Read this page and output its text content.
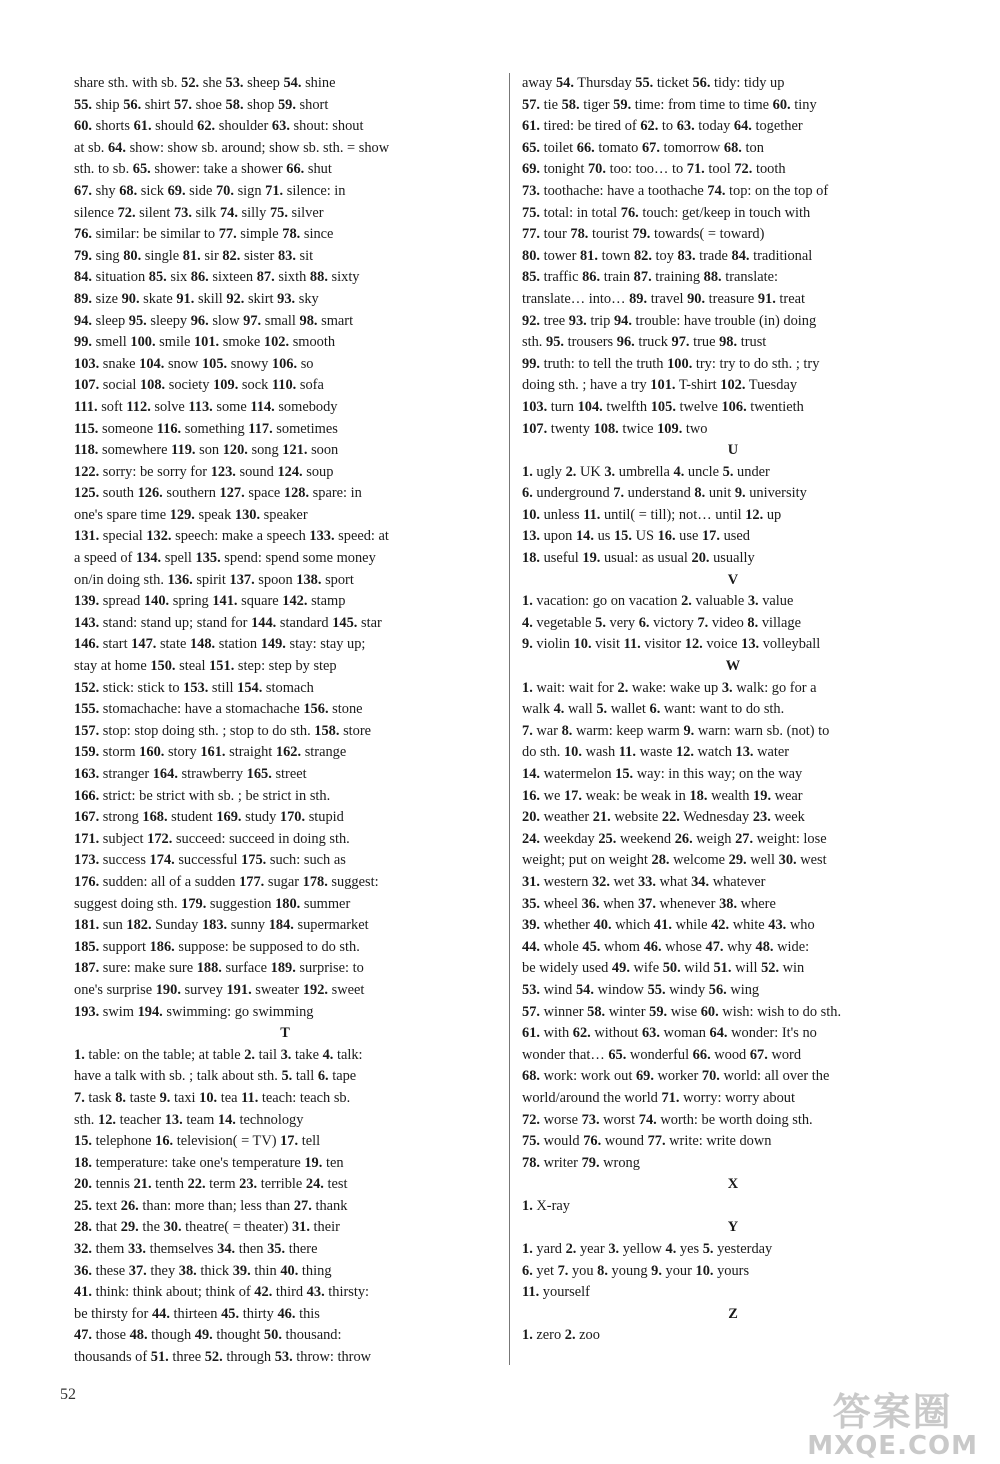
share sth. with sb. 52. she 53. sheep 54. shine
55. ship 56. shirt 57. shoe 58. shop 59. short
60. shorts 61. should 62. shoulder 63. shout: shout
at sb. 64. show: show sb. around; show sb. sth. = show
sth. to sb. 65. shower: take a shower 66. shut
67. shy 68. sick 69. side 70. sign 71. silence: in
silence 72. silent 73. silk 74. silly 75. silver
76. similar: be similar to 77. simple 78. since
79. sing 80. single 81. sir 82. sister 83. sit
84. situation 85. six 86. sixteen 87. sixth 88. sixty
89. size 90. skate 91. skill 92. skirt 93. sky
94. sleep 95. sleepy 96. slow 97. small 98. smart
99. smell 100. smile 101. smoke 102. smooth
103. snake 104. snow 105. snowy 106. so
107. social 108. society 109. sock 110. sofa
111. soft 112. solve 113. some 114. somebody
115. someone 116. something 117. sometimes
118. somewhere 119. son 120. song 121. soon
122. sorry: be sorry for 123. sound 124. soup
125. south 126. southern 127. space 128. spare: in
one's spare time 129. speak 130. speaker
131. special 132. speech: make a speech 133. speed: at
a speed of 134. spell 135. spend: spend some money
on/in doing sth. 136. spirit 137. spoon 138. sport
139. spread 140. spring 141. square 142. stamp
143. stand: stand up; stand for 144. standard 145. star
146. start 147. state 148. station 149. stay: stay up;
stay at home 150. steal 151. step: step by step
152. stick: stick to 153. still 154. stomach
155. stomachache: have a stomachache 156. stone
157. stop: stop doing sth. ; stop to do sth. 158. store
159. storm 160. story 161. straight 162. strange
163. stranger 164. strawberry 165. street
166. strict: be strict with sb. ; be strict in sth.
167. strong 168. student 169. study 170. stupid
171. subject 172. succeed: succeed in doing sth.
173. success 174. successful 175. such: such as
176. sudden: all of a sudden 177. sugar 178. suggest:
suggest doing sth. 179. suggestion 180. summer
181. sun 182. Sunday 183. sunny 184. supermarket
185. support 186. suppose: be supposed to do sth.
187. sure: make sure 188. surface 189. surprise: to
one's surprise 190. survey 191. sweater 192. sweet
193. swim 194. swimming: go swimming
T
1. table: on the table; at table 2. tail 3. take 4. talk:
have a talk with sb. ; talk about sth. 5. tall 6. tape
7. task 8. taste 9. taxi 10. tea 11. teach: teach sb.
sth. 12. teacher 13. team 14. technology
15. telephone 16. television( = TV) 17. tell
18. temperature: take one's temperature 19. ten
20. tennis 21. tenth 22. term 23. terrible 24. test
25. text 26. than: more than; less than 27. thank
28. that 29. the 30. theatre( = theater) 31. their
32. them 33. themselves 34. then 35. there
36. these 37. they 38. thick 39. thin 40. thing
41. think: think about; think of 42. third 43. thirsty:
be thirsty for 44. thirteen 45. thirty 46. this
47. those 48. though 49. thought 50. thousand:
thousands of 51. three 52. through 53. throw: throw
away 54. Thursday 55. ticket 56. tidy: tidy up
57. tie 58. tiger 59. time: from time to time 60. tiny
61. tired: be tired of 62. to 63. today 64. together
65. toilet 66. tomato 67. tomorrow 68. ton
69. tonight 70. too: too… to 71. tool 72. tooth
73. toothache: have a toothache 74. top: on the top of
75. total: in total 76. touch: get/keep in touch with
77. tour 78. tourist 79. towards( = toward)
80. tower 81. town 82. toy 83. trade 84. traditional
85. traffic 86. train 87. training 88. translate:
translate… into… 89. travel 90. treasure 91. treat
92. tree 93. trip 94. trouble: have trouble (in) doing
sth. 95. trousers 96. truck 97. true 98. trust
99. truth: to tell the truth 100. try: try to do sth. ; try
doing sth. ; have a try 101. T-shirt 102. Tuesday
103. turn 104. twelfth 105. twelve 106. twentieth
107. twenty 108. twice 109. two
U
1. ugly 2. UK 3. umbrella 4. uncle 5. under
6. underground 7. understand 8. unit 9. university
10. unless 11. until( = till); not… until 12. up
13. upon 14. us 15. US 16. use 17. used
18. useful 19. usual: as usual 20. usually
V
1. vacation: go on vacation 2. valuable 3. value
4. vegetable 5. very 6. victory 7. video 8. village
9. violin 10. visit 11. visitor 12. voice 13. volleyball
W
1. wait: wait for 2. wake: wake up 3. walk: go for a
walk 4. wall 5. wallet 6. want: want to do sth.
7. war 8. warm: keep warm 9. warn: warn sb. (not) to
do sth. 10. wash 11. waste 12. watch 13. water
14. watermelon 15. way: in this way; on the way
16. we 17. weak: be weak in 18. wealth 19. wear
20. weather 21. website 22. Wednesday 23. week
24. weekday 25. weekend 26. weigh 27. weight: lose
weight; put on weight 28. welcome 29. well 30. west
31. western 32. wet 33. what 34. whatever
35. wheel 36. when 37. whenever 38. where
39. whether 40. which 41. while 42. white 43. who
44. whole 45. whom 46. whose 47. why 48. wide:
be widely used 49. wife 50. wild 51. will 52. win
53. wind 54. window 55. windy 56. wing
57. winner 58. winter 59. wise 60. wish: wish to do sth.
61. with 62. without 63. woman 64. wonder: It's no
wonder that… 65. wonderful 66. wood 67. word
68. work: work out 69. worker 70. world: all over the
world/around the world 71. worry: worry about
72. worse 73. worst 74. worth: be worth doing sth.
75. would 76. wound 77. write: write down
78. writer 79. wrong
X
1. X-ray
Y
1. yard 2. year 3. yellow 4. yes 5. yesterday
6. yet 7. you 8. young 9. your 10. yours
11. yourself
Z
1. zero 2. zoo
52	答案圈
MXQE.COM
